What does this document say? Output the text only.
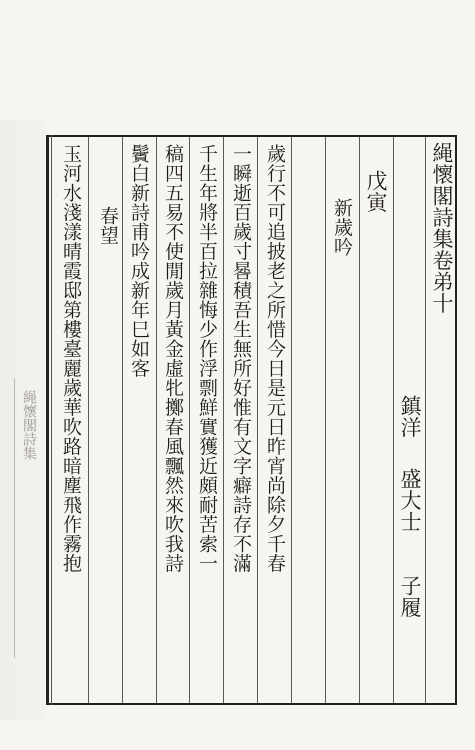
䋲懷閣詩集
䋲懷閣詩集卷弟十
鎮洋
盛大士
子履
戊寅
新歲吟
歲行不可追披老之所惜今日是元日昨宵尚除夕千春
一瞬逝百歲寸晷積吾生無所好惟有文字癖詩存不滿
千生年將半百拉雜悔少作浮剽鮮實獲近頗耐苦索一
稿四五易不使閒歲月黃金虛牝擲春風飄然來吹我詩
鬢白新詩甫吟成新年巳如客
春望
玉河水淺漾晴霞邸第樓臺麗歲華吹路暗塵飛作霧抱
